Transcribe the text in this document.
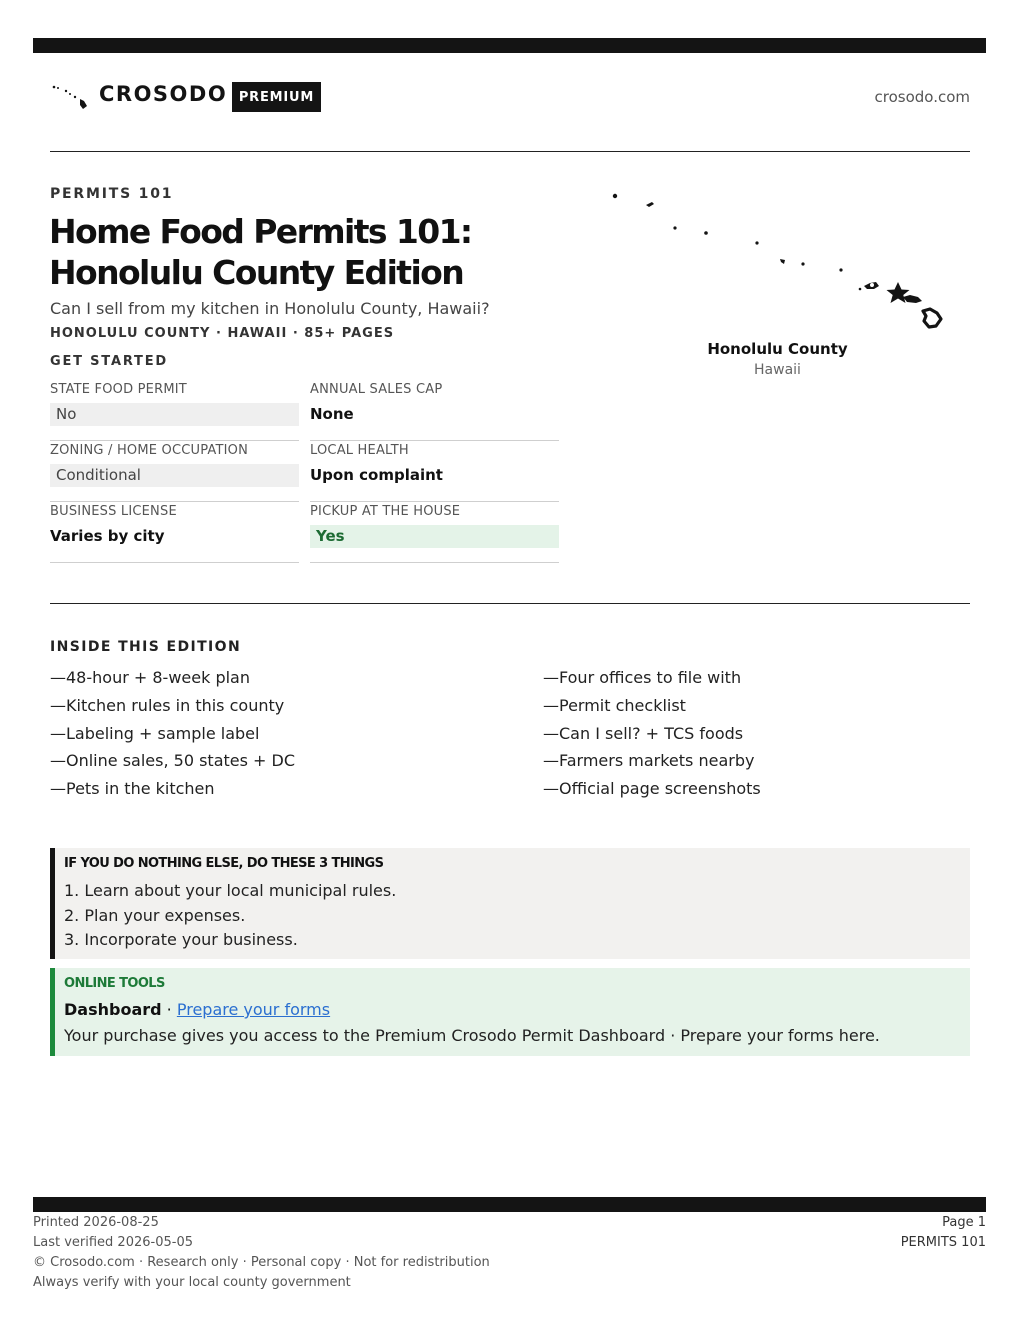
CROSODO PREMIUM	crosodo.com
PERMITS 101
Home Food Permits 101:
Honolulu County Edition
Can I sell from my kitchen in Honolulu County, Hawaii?
HONOLULU COUNTY · HAWAII · 85+ PAGES
GET STARTED
STATE FOOD PERMIT
No
ANNUAL SALES CAP
None
ZONING / HOME OCCUPATION
Conditional
LOCAL HEALTH
Upon complaint
BUSINESS LICENSE
Varies by city
PICKUP AT THE HOUSE
Yes
Honolulu County
Hawaii
INSIDE THIS EDITION
—48-hour + 8-week plan
—Kitchen rules in this county
—Labeling + sample label
—Online sales, 50 states + DC
—Pets in the kitchen
—Four offices to file with
—Permit checklist
—Can I sell? + TCS foods
—Farmers markets nearby
—Official page screenshots
IF YOU DO NOTHING ELSE, DO THESE 3 THINGS
1. Learn about your local municipal rules.
2. Plan your expenses.
3. Incorporate your business.
ONLINE TOOLS
Dashboard · Prepare your forms
Your purchase gives you access to the Premium Crosodo Permit Dashboard · Prepare your forms here.
Printed 2026-08-25
Last verified 2026-05-05
© Crosodo.com · Research only · Personal copy · Not for redistribution
Always verify with your local county government
Page 1
PERMITS 101
